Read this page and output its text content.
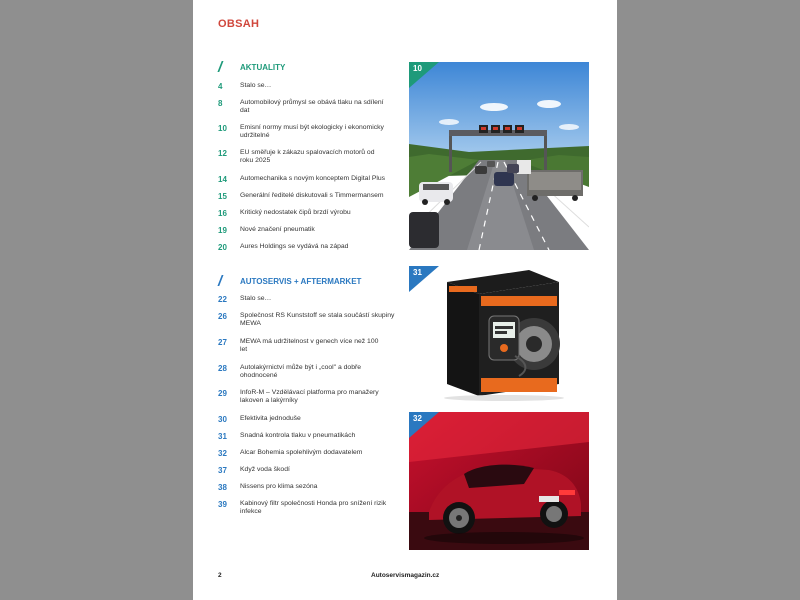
OBSAH
/ AKTUALITY
4	Stalo se…
8	Automobilový průmysl se obává tlaku na sdílení dat
10	Emisní normy musí být ekologicky i ekonomicky udržitelné
12	EU směřuje k zákazu spalovacích motorů od roku 2025
14	Automechanika s novým konceptem Digital Plus
15	Generální ředitelé diskutovali s Timmermansem
16	Kritický nedostatek čipů brzdí výrobu
19	Nové značení pneumatik
20	Aures Holdings se vydává na západ
/ AUTOSERVIS + AFTERMARKET
22	Stalo se…
26	Společnost RS Kunststoff se stala součástí skupiny MEWA
27	MEWA má udržitelnost v genech více než 100 let
28	Autolakýrnictví může být i „cool" a dobře ohodnocené
29	InfoR-M – Vzdělávací platforma pro manažery lakoven a lakýrníky
30	Efektivita jednoduše
31	Snadná kontrola tlaku v pneumatikách
32	Alcar Bohemia spolehlivým dodavatelem
37	Když voda škodí
38	Nissens pro klima sezóna
39	Kabinový filtr společnosti Honda pro snížení rizik infekce
10
31
32
2	Autoservismagazin.cz
